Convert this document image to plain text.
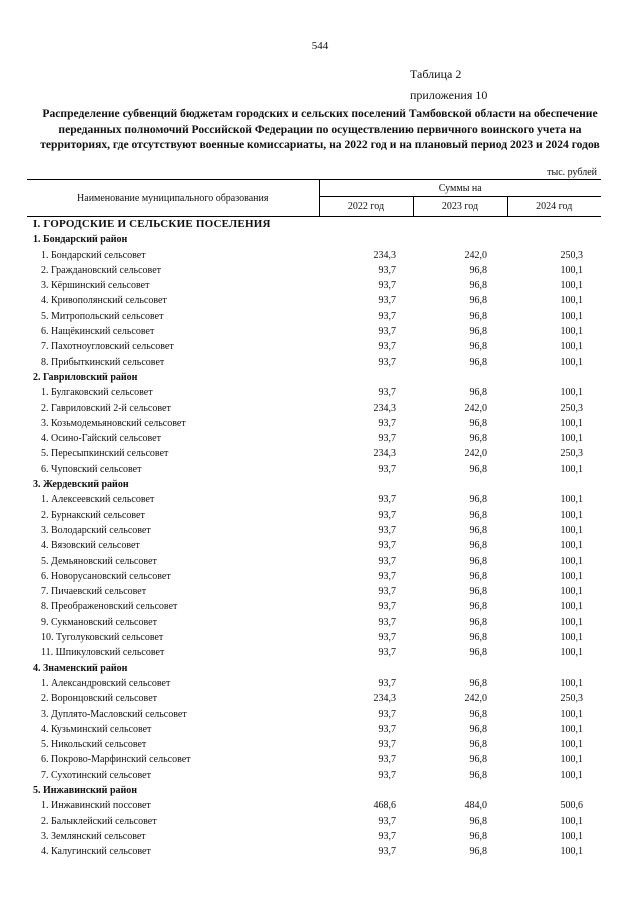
544
Таблица 2
приложения 10
Распределение субвенций бюджетам городских и сельских поселений Тамбовской области на обеспечение переданных полномочий Российской Федерации по осуществлению первичного воинского учета на территориях, где отсутствуют военные комиссариаты, на 2022 год и на плановый период 2023 и 2024 годов
тыс. рублей
Наименование муниципального образования	Суммы на		
	2022 год	2023 год	2024 год
I. ГОРОДСКИЕ И СЕЛЬСКИЕ ПОСЕЛЕНИЯ			
1. Бондарский район			
1. Бондарский сельсовет	234,3	242,0	250,3
2. Граждановский сельсовет	93,7	96,8	100,1
3. Кёршинский сельсовет	93,7	96,8	100,1
4. Кривополянский сельсовет	93,7	96,8	100,1
5. Митропольский сельсовет	93,7	96,8	100,1
6. Нащёкинский сельсовет	93,7	96,8	100,1
7. Пахотноугловский сельсовет	93,7	96,8	100,1
8. Прибыткинский сельсовет	93,7	96,8	100,1
2. Гавриловский район			
1. Булгаковский сельсовет	93,7	96,8	100,1
2. Гавриловский 2-й сельсовет	234,3	242,0	250,3
3. Козьмодемьяновский сельсовет	93,7	96,8	100,1
4. Осино-Гайский сельсовет	93,7	96,8	100,1
5. Пересыпкинский сельсовет	234,3	242,0	250,3
6. Чуповский сельсовет	93,7	96,8	100,1
3. Жердевский район			
1. Алексеевский сельсовет	93,7	96,8	100,1
2. Бурнакский сельсовет	93,7	96,8	100,1
3. Володарский сельсовет	93,7	96,8	100,1
4. Вязовский сельсовет	93,7	96,8	100,1
5. Демьяновский сельсовет	93,7	96,8	100,1
6. Новорусановский сельсовет	93,7	96,8	100,1
7. Пичаевский сельсовет	93,7	96,8	100,1
8. Преображеновский сельсовет	93,7	96,8	100,1
9. Сукмановский сельсовет	93,7	96,8	100,1
10. Туголуковский сельсовет	93,7	96,8	100,1
11. Шпикуловский сельсовет	93,7	96,8	100,1
4. Знаменский район			
1. Александровский сельсовет	93,7	96,8	100,1
2. Воронцовский сельсовет	234,3	242,0	250,3
3. Дуплято-Масловский сельсовет	93,7	96,8	100,1
4. Кузьминский сельсовет	93,7	96,8	100,1
5. Никольский сельсовет	93,7	96,8	100,1
6. Покрово-Марфинский сельсовет	93,7	96,8	100,1
7. Сухотинский сельсовет	93,7	96,8	100,1
5. Инжавинский район			
1. Инжавинский поссовет	468,6	484,0	500,6
2. Балыклейский сельсовет	93,7	96,8	100,1
3. Землянский сельсовет	93,7	96,8	100,1
4. Калугинский сельсовет	93,7	96,8	100,1
